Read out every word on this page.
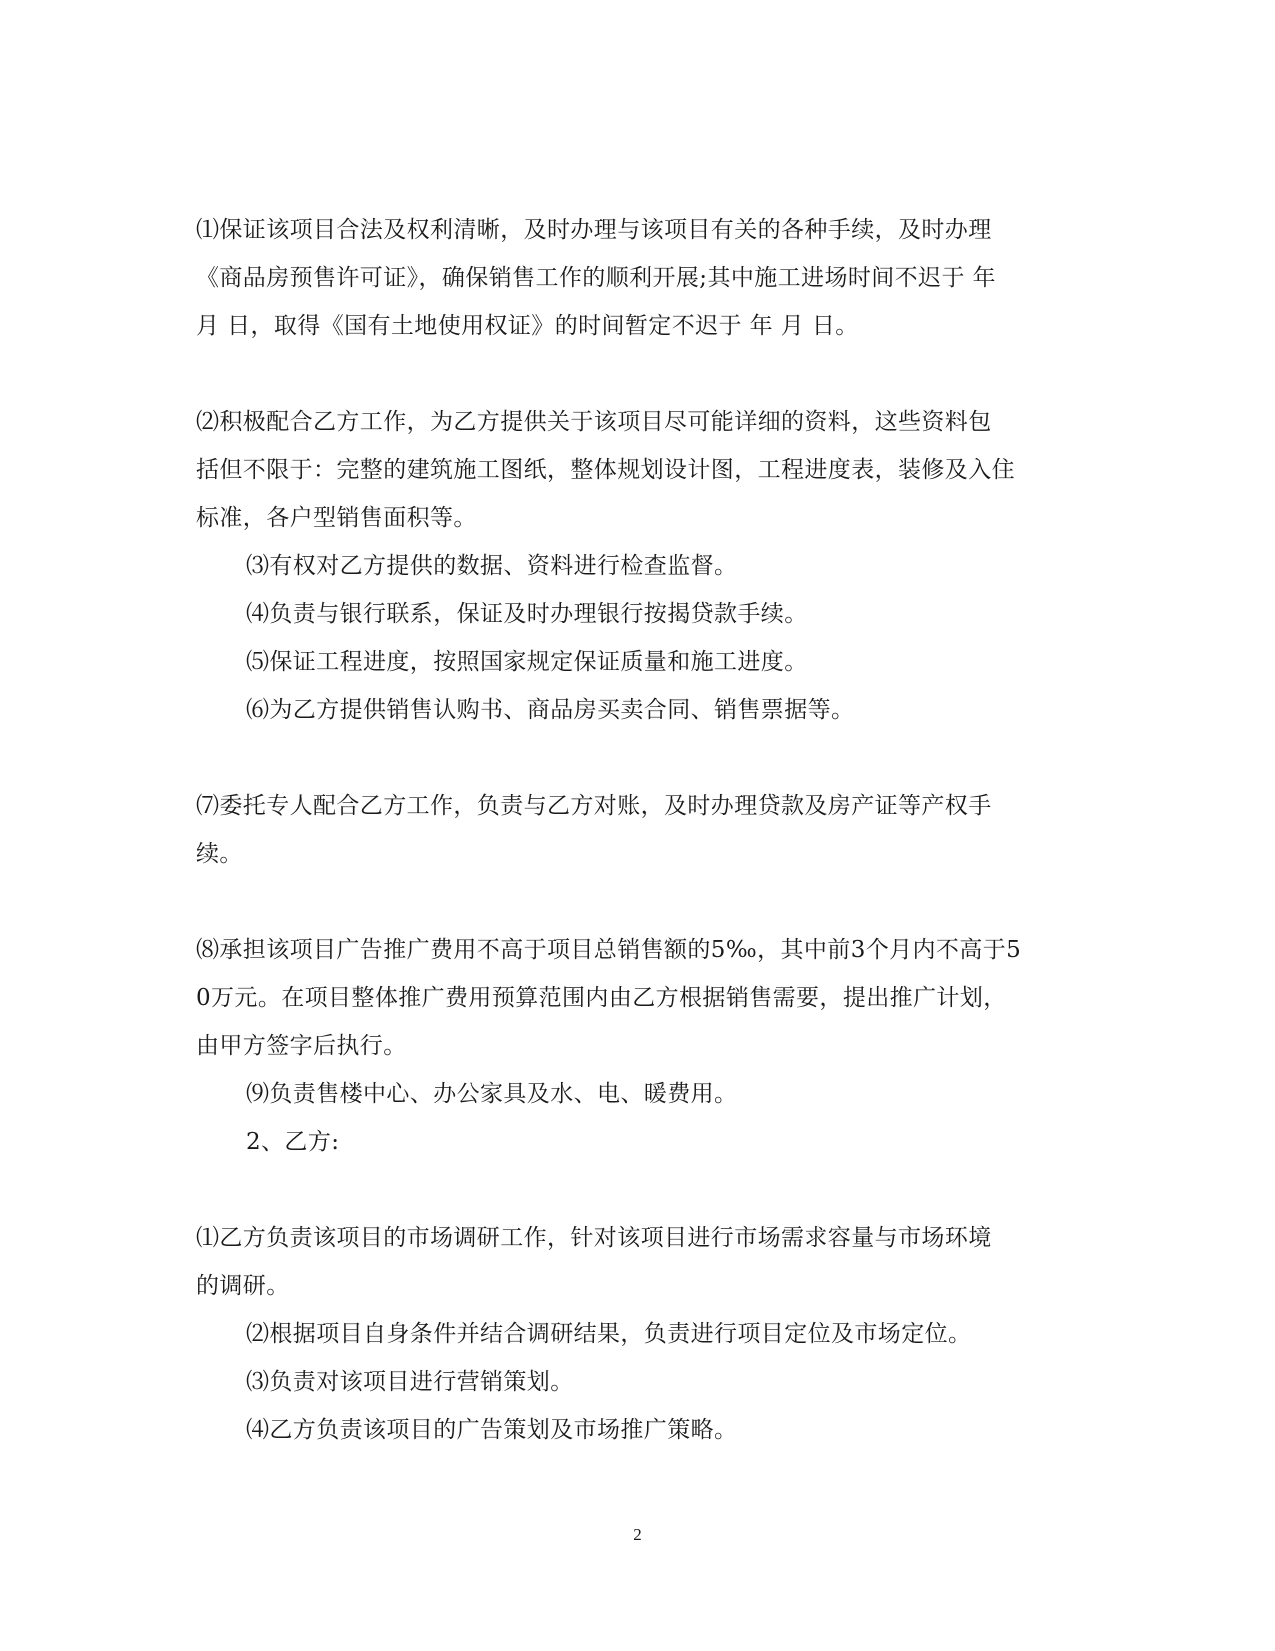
⑴保证该项目合法及权利清晰，及时办理与该项目有关的各种手续，及时办理
《商品房预售许可证》，确保销售工作的顺利开展;其中施工进场时间不迟于 年
月 日，取得《国有土地使用权证》的时间暂定不迟于 年 月 日。
⑵积极配合乙方工作，为乙方提供关于该项目尽可能详细的资料，这些资料包
括但不限于：完整的建筑施工图纸，整体规划设计图，工程进度表，装修及入住
标准，各户型销售面积等。
⑶有权对乙方提供的数据、资料进行检查监督。
⑷负责与银行联系，保证及时办理银行按揭贷款手续。
⑸保证工程进度，按照国家规定保证质量和施工进度。
⑹为乙方提供销售认购书、商品房买卖合同、销售票据等。
⑺委托专人配合乙方工作，负责与乙方对账，及时办理贷款及房产证等产权手
续。
⑻承担该项目广告推广费用不高于项目总销售额的5‰，其中前3个月内不高于5
0万元。在项目整体推广费用预算范围内由乙方根据销售需要，提出推广计划，
由甲方签字后执行。
⑼负责售楼中心、办公家具及水、电、暖费用。
2、乙方:
⑴乙方负责该项目的市场调研工作，针对该项目进行市场需求容量与市场环境
的调研。
⑵根据项目自身条件并结合调研结果，负责进行项目定位及市场定位。
⑶负责对该项目进行营销策划。
⑷乙方负责该项目的广告策划及市场推广策略。
2
